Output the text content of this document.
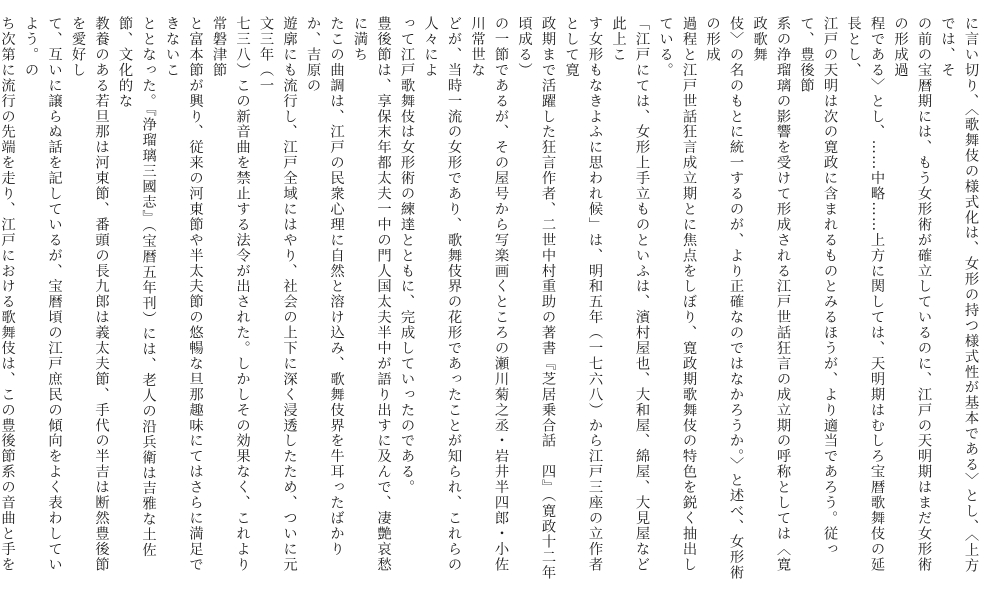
に言い切り、〈歌舞伎の様式化は、女形の持つ様式性が基本である〉とし、〈上方では、そ
の前の宝暦期には、もう女形術が確立しているのに、江戸の天明期はまだ女形術の形成過
程である〉とし、……中略……上方に関しては、天明期はむしろ宝暦歌舞伎の延長とし、
江戸の天明は次の寛政に含まれるものとみるほうが、より適当であろう。従って、豊後節
系の浄瑠璃の影響を受けて形成される江戸世話狂言の成立期の呼称としては〈寛政歌舞
伎〉の名のもとに統一するのが、より正確なのではなかろうか。〉と述べ、女形術の形成
過程と江戸世話狂言成立期とに焦点をしぼり、寛政期歌舞伎の特色を鋭く抽出している。
「江戸にては、女形上手立ものといふは、濱村屋也、大和屋、綿屋、大見屋など此上こ
す女形もなきよふに思われ候」は、明和五年（一七六八）から江戸三座の立作者として寛
政期まで活躍した狂言作者、二世中村重助の著書『芝居乗合話　四』（寛政十二年頃成る）
の一節であるが、その屋号から写楽画くところの瀬川菊之丞・岩井半四郎・小佐川常世な
どが、当時一流の女形であり、歌舞伎界の花形であったことが知られ、これらの人々によ
って江戸歌舞伎は女形術の練達とともに、完成していったのである。
豊後節は、享保末年都太夫一中の門人国太夫半中が語り出すに及んで、凄艶哀愁に満ち
たこの曲調は、江戸の民衆心理に自然と溶け込み、歌舞伎界を牛耳ったばかりか、吉原の
遊廓にも流行し、江戸全域にはやり、社会の上下に深く浸透したため、ついに元文三年（一
七三八）この新音曲を禁止する法令が出された。しかしその効果なく、これより常磐津節
と富本節が興り、従来の河東節や半太夫節の悠暢な旦那趣味にてはさらに満足できないこ
ととなった。『浄瑠璃三國志』（宝暦五年刊）には、老人の沿兵衛は吉雅な土佐節、文化的な
教養のある若旦那は河東節、番頭の長九郎は義太夫節、手代の半吉は断然豊後節を愛好し
て、互いに譲らぬ話を記しているが、宝暦頃の江戸庶民の傾向をよく表わしていよう。の
ち次第に流行の先端を走り、江戸における歌舞伎は、この豊後節系の音曲と手を
